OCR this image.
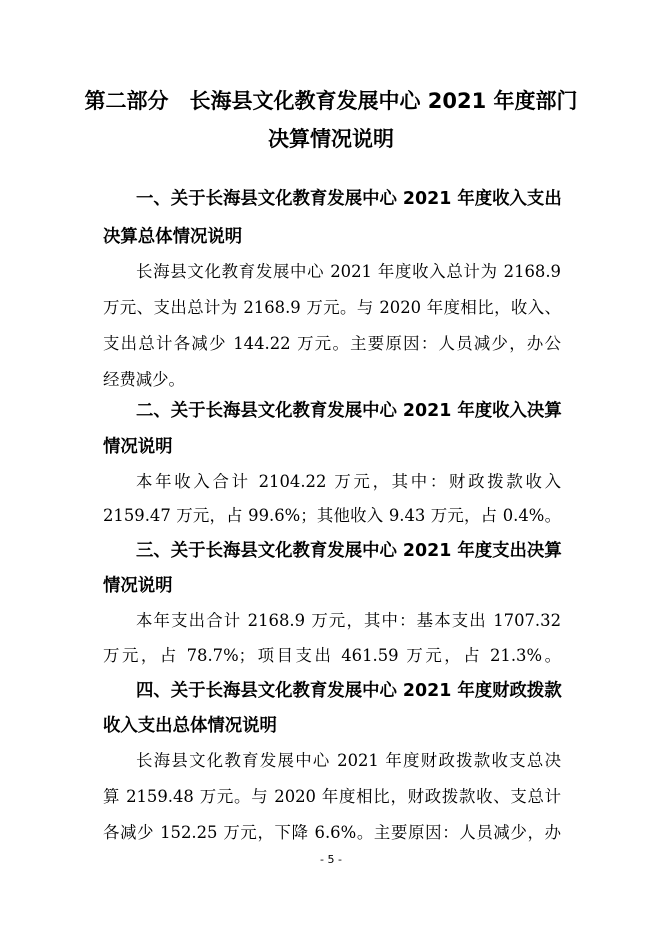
第二部分　长海县文化教育发展中心 2021 年度部门
决算情况说明
一、关于长海县文化教育发展中心 2021 年度收入支出
决算总体情况说明
长海县文化教育发展中心 2021 年度收入总计为 2168.9
万元、支出总计为 2168.9 万元。与 2020 年度相比，收入、
支出总计各减少 144.22 万元。主要原因：人员减少，办公
经费减少。
二、关于长海县文化教育发展中心 2021 年度收入决算
情况说明
本年收入合计 2104.22 万元，其中：财政拨款收入
2159.47 万元，占 99.6%；其他收入 9.43 万元，占 0.4%。
三、关于长海县文化教育发展中心 2021 年度支出决算
情况说明
本年支出合计 2168.9 万元，其中：基本支出 1707.32
万元，占 78.7%；项目支出 461.59 万元，占 21.3%。
四、关于长海县文化教育发展中心 2021 年度财政拨款
收入支出总体情况说明
长海县文化教育发展中心 2021 年度财政拨款收支总决
算 2159.48 万元。与 2020 年度相比，财政拨款收、支总计
各减少 152.25 万元，下降 6.6%。主要原因：人员减少，办
- 5 -
